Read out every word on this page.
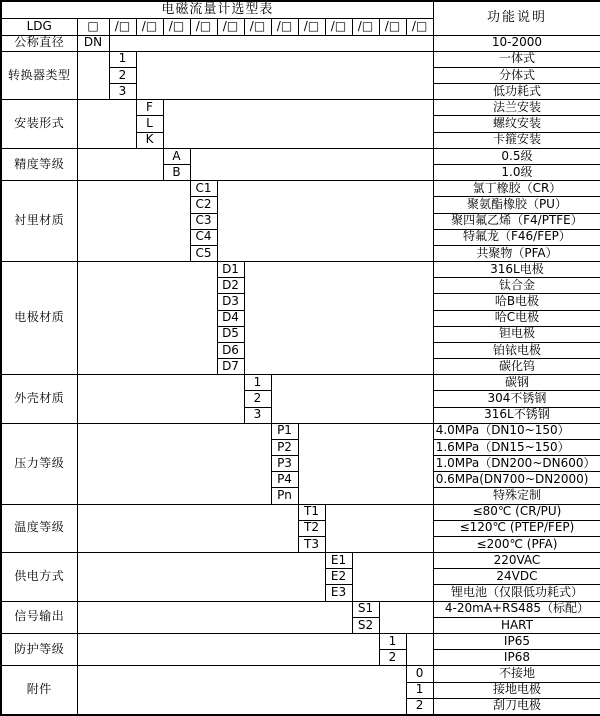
电磁流量计选型表														功能说明
LDG	□	/□	/□	/□	/□	/□	/□	/□	/□	/□	/□	/□	/□	
公称直径	DN													10-2000
转换器类型		1												一体式
		2												分体式
		3												低功耗式
安装形式			F											法兰安装
			L											螺纹安装
			K											卡箍安装
精度等级				A										0.5级
				B										1.0级
衬里材质					C1									氯丁橡胶（CR）
					C2									聚氨酯橡胶（PU）
					C3									聚四氟乙烯（F4/PTFE）
					C4									特氟龙（F46/FEP）
					C5									共聚物（PFA）
电极材质						D1								316L电极
						D2								钛合金
						D3								哈B电极
						D4								哈C电极
						D5								钽电极
						D6								铂铱电极
						D7								碳化钨
外壳材质							1							碳钢
							2							304不锈钢
							3							316L不锈钢
压力等级								P1						4.0MPa（DN10~150）
								P2						1.6MPa（DN15~150）
								P3						1.0MPa（DN200~DN600）
								P4						0.6MPa(DN700~DN2000)
								Pn						特殊定制
温度等级									T1					≤80℃ (CR/PU)
									T2					≤120℃ (PTEP/FEP)
									T3					≤200℃ (PFA)
供电方式										E1				220VAC
										E2				24VDC
										E3				锂电池（仅限低功耗式）
信号输出											S1			4-20mA+RS485（标配）
											S2			HART
防护等级												1		IP65
												2		IP68
附件													0	不接地
													1	接地电极
													2	刮刀电极
